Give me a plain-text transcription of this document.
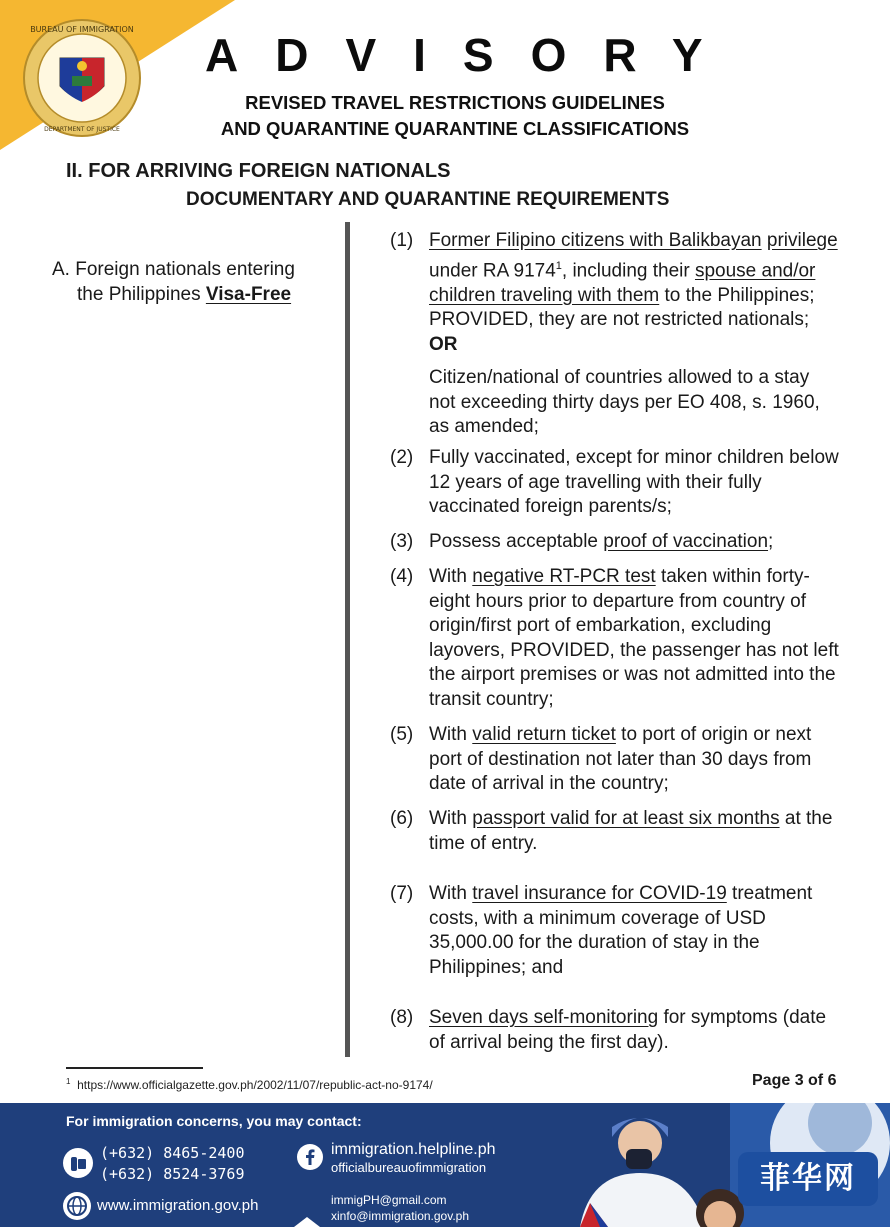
BUREAU OF IMMIGRATION
DEPARTMENT OF JUSTICE
ADVISORY
REVISED TRAVEL RESTRICTIONS GUIDELINES
AND QUARANTINE QUARANTINE CLASSIFICATIONS
II. FOR ARRIVING FOREIGN NATIONALS
DOCUMENTARY AND QUARANTINE REQUIREMENTS
A. Foreign nationals entering
the Philippines Visa-Free
(1) Former Filipino citizens with Balikbayan privilege under RA 9174$^1$, including their spouse and/or children traveling with them to the Philippines; PROVIDED, they are not restricted nationals; OR
Citizen/national of countries allowed to a stay not exceeding thirty days per EO 408, s. 1960, as amended;
(2) Fully vaccinated, except for minor children below 12 years of age travelling with their fully vaccinated foreign parents/s;
(3) Possess acceptable proof of vaccination;
(4) With negative RT-PCR test taken within forty-eight hours prior to departure from country of origin/first port of embarkation, excluding layovers, PROVIDED, the passenger has not left the airport premises or was not admitted into the transit country;
(5) With valid return ticket to port of origin or next port of destination not later than 30 days from date of arrival in the country;
(6) With passport valid for at least six months at the time of entry.
(7) With travel insurance for COVID-19 treatment costs, with a minimum coverage of USD 35,000.00 for the duration of stay in the Philippines; and
(8) Seven days self-monitoring for symptoms (date of arrival being the first day).
$^1$ https://www.officialgazette.gov.ph/2002/11/07/republic-act-no-9174/	Page 3 of 6
For immigration concerns, you may contact:
(+632) 8465-2400
(+632) 8524-3769
www.immigration.gov.ph
immigration.helpline.ph
officialbureauofimmigration
immigPH@gmail.com
xinfo@immigration.gov.ph
菲华网
